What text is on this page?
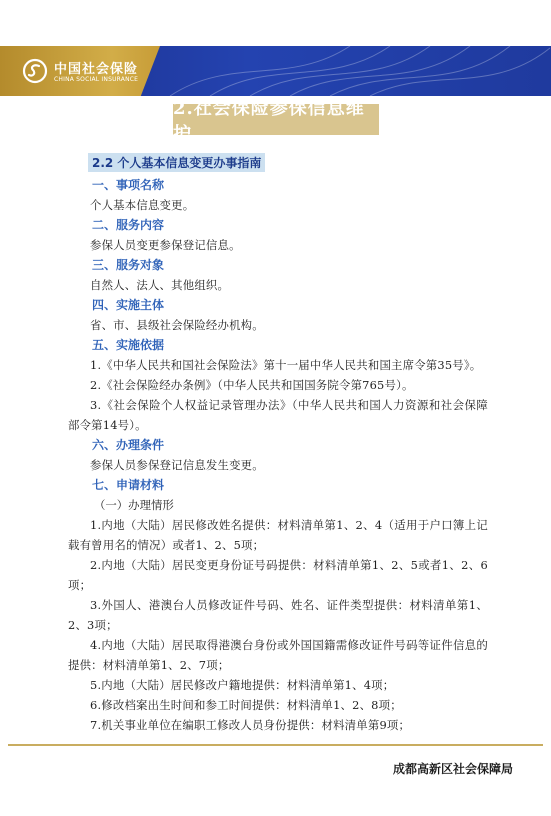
中国社会保险
CHINA SOCIAL INSURANCE
2.社会保险参保信息维护
2.2 个人基本信息变更办事指南
一、事项名称

个人基本信息变更。

二、服务内容

参保人员变更参保登记信息。

三、服务对象

自然人、法人、其他组织。

四、实施主体

省、市、县级社会保险经办机构。

五、实施依据

1.《中华人民共和国社会保险法》第十一届中华人民共和国主席令第35号》。

2.《社会保险经办条例》（中华人民共和国国务院令第765号）。

3.《社会保险个人权益记录管理办法》（中华人民共和国人力资源和社会保障部令第14号）。

六、办理条件

参保人员参保登记信息发生变更。

七、申请材料
（一）办理情形

1.内地（大陆）居民修改姓名提供：材料清单第1、2、4（适用于户口簿上记载有曾用名的情况）或者1、2、5项；

2.内地（大陆）居民变更身份证号码提供：材料清单第1、2、5或者1、2、6项；

3.外国人、港澳台人员修改证件号码、姓名、证件类型提供：材料清单第1、2、3项；

4.内地（大陆）居民取得港澳台身份或外国国籍需修改证件号码等证件信息的提供：材料清单第1、2、7项；

5.内地（大陆）居民修改户籍地提供：材料清单第1、4项；

6.修改档案出生时间和参工时间提供：材料清单1、2、8项；

7.机关事业单位在编职工修改人员身份提供：材料清单第9项；

成都高新区社会保障局
